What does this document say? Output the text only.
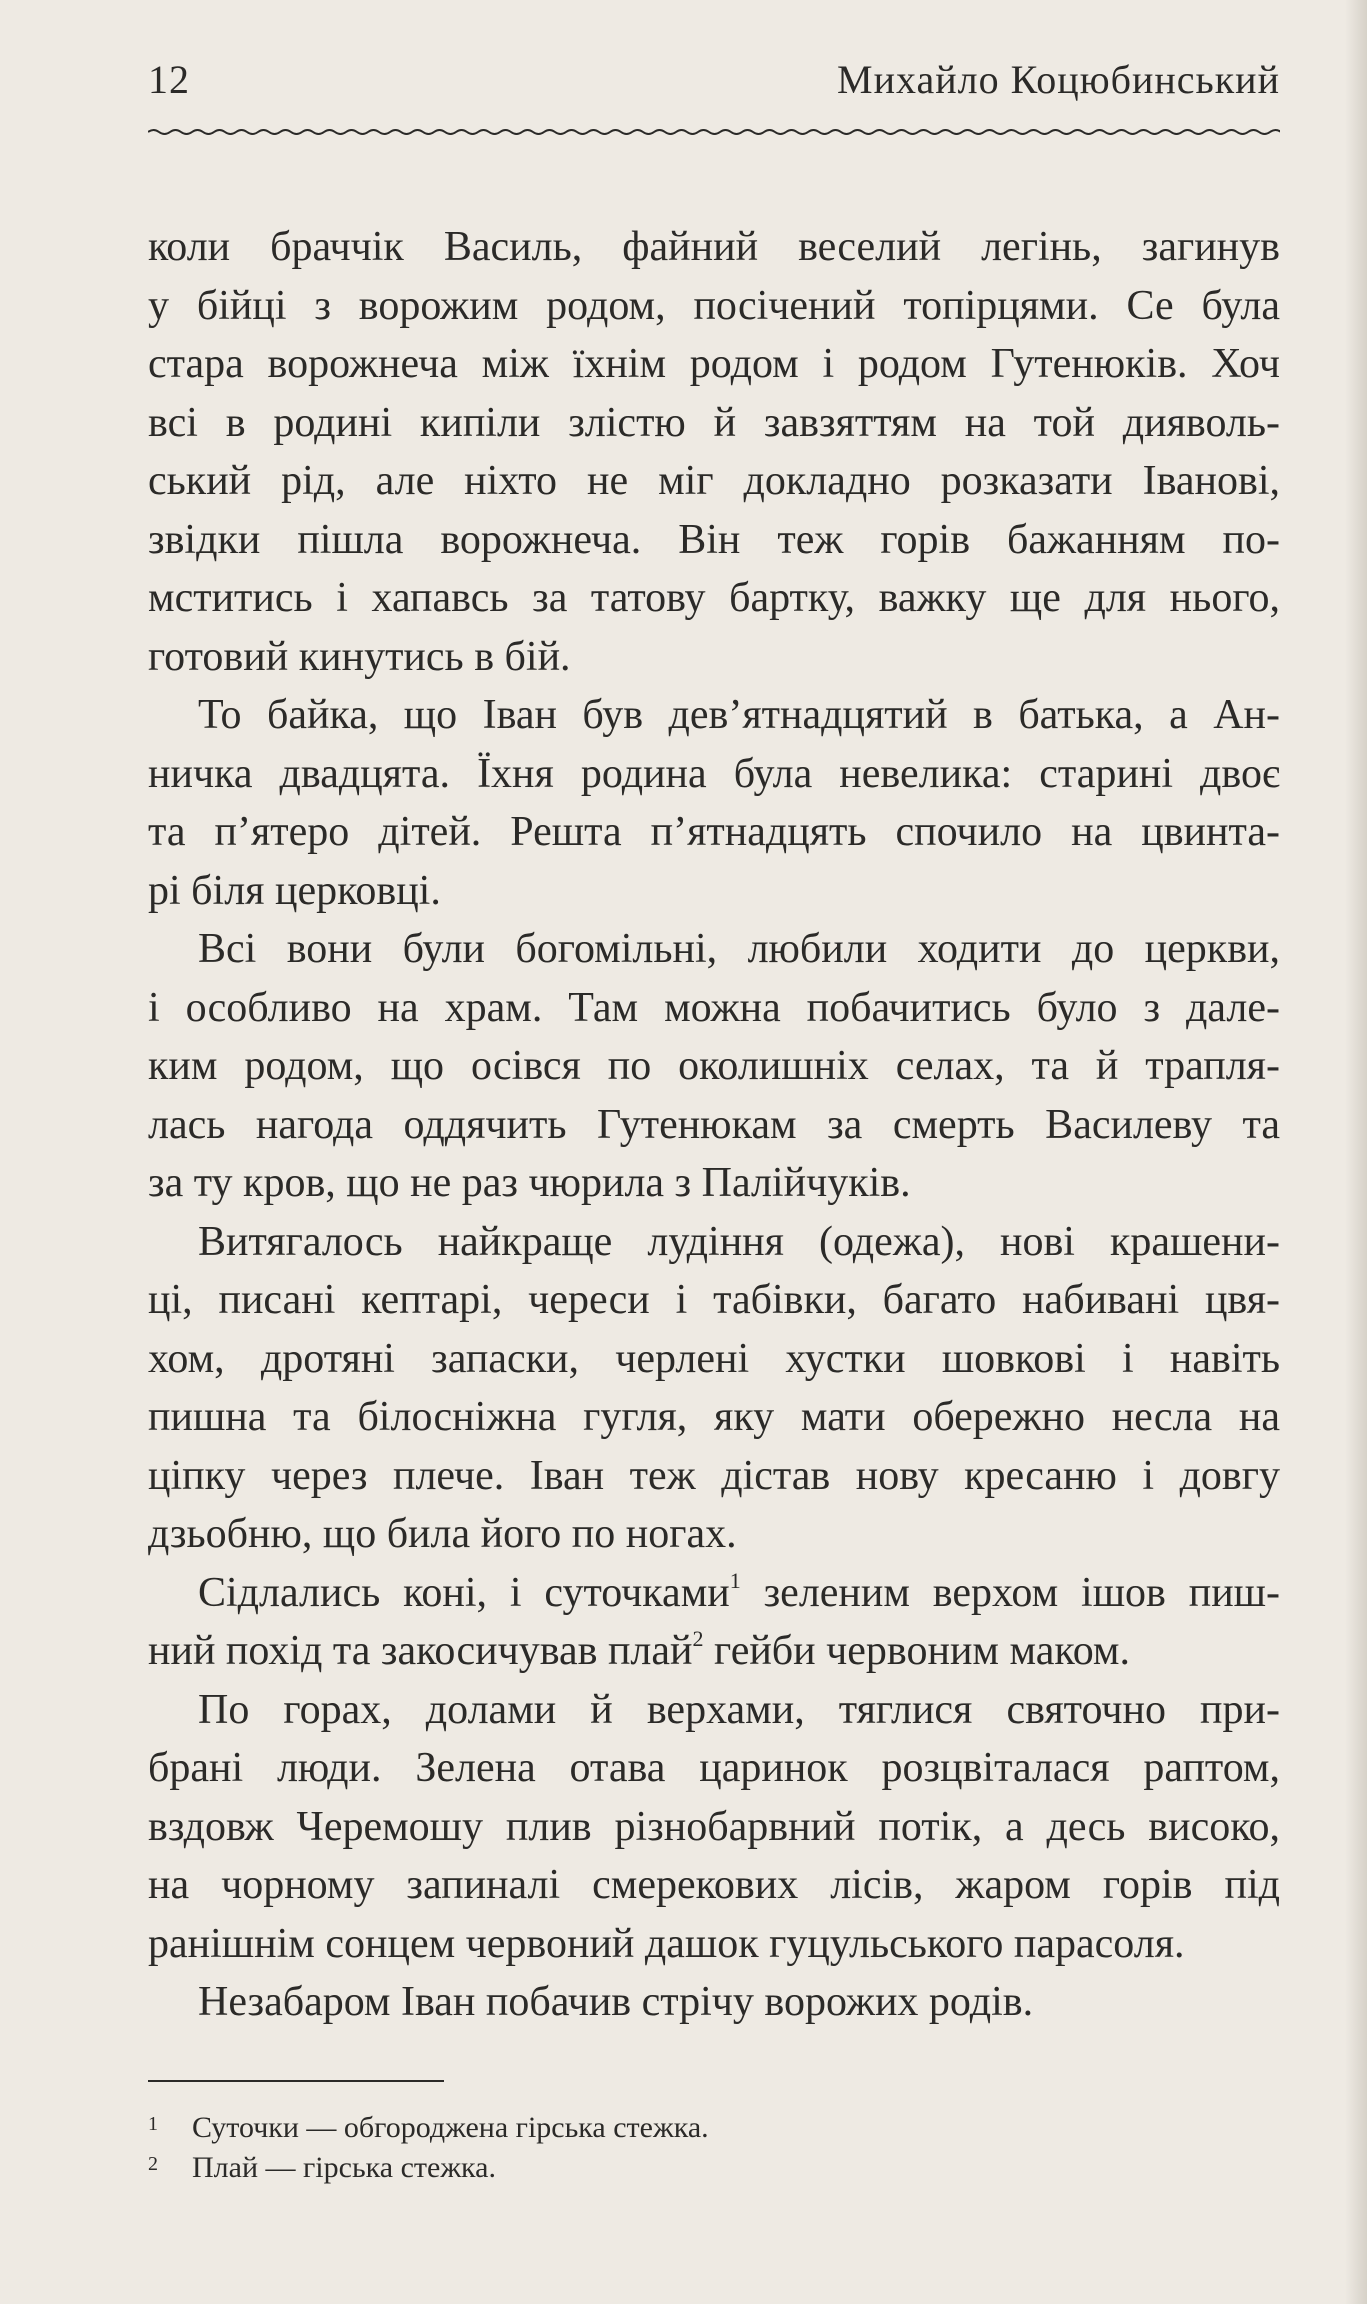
12	Михайло Коцюбинський

коли браччік Василь, файний веселий легінь, загинув
у бійці з ворожим родом, посічений топірцями. Се була
стара ворожнеча між їхнім родом і родом Гутенюків. Хоч
всі в родині кипіли злістю й завзяттям на той дияволь-
ський рід, але ніхто не міг докладно розказати Іванові,
звідки пішла ворожнеча. Він теж горів бажанням по-
мститись і хапавсь за татову бартку, важку ще для нього,
готовий кинутись в бій.

То байка, що Іван був дев’ятнадцятий в батька, а Ан-
ничка двадцята. Їхня родина була невелика: старині двоє
та п’ятеро дітей. Решта п’ятнадцять спочило на цвинта-
рі біля церковці.

Всі вони були богомільні, любили ходити до церкви,
і особливо на храм. Там можна побачитись було з дале-
ким родом, що осівся по околишніх селах, та й трапля-
лась нагода оддячить Гутенюкам за смерть Василеву та
за ту кров, що не раз чюрила з Палійчуків.

Витягалось найкраще лудіння (одежа), нові крашени-
ці, писані кептарі, череси і табівки, багато набивані цвя-
хом, дротяні запаски, черлені хустки шовкові і навіть
пишна та білосніжна гугля, яку мати обережно несла на
ціпку через плече. Іван теж дістав нову кресаню і довгу
дзьобню, що била його по ногах.

Сідлались коні, і суточками$^1$ зеленим верхом ішов пиш-
ний похід та закосичував плай$^2$ гейби червоним маком.

По горах, долами й верхами, тяглися святочно при-
брані люди. Зелена отава царинок розцвіталася раптом,
вздовж Черемошу плив різнобарвний потік, а десь високо,
на чорному запиналі смерекових лісів, жаром горів під
ранішнім сонцем червоний дашок гуцульського парасоля.

Незабаром Іван побачив стрічу ворожих родів.

1 Суточки — обгороджена гірська стежка.
2 Плай — гірська стежка.
